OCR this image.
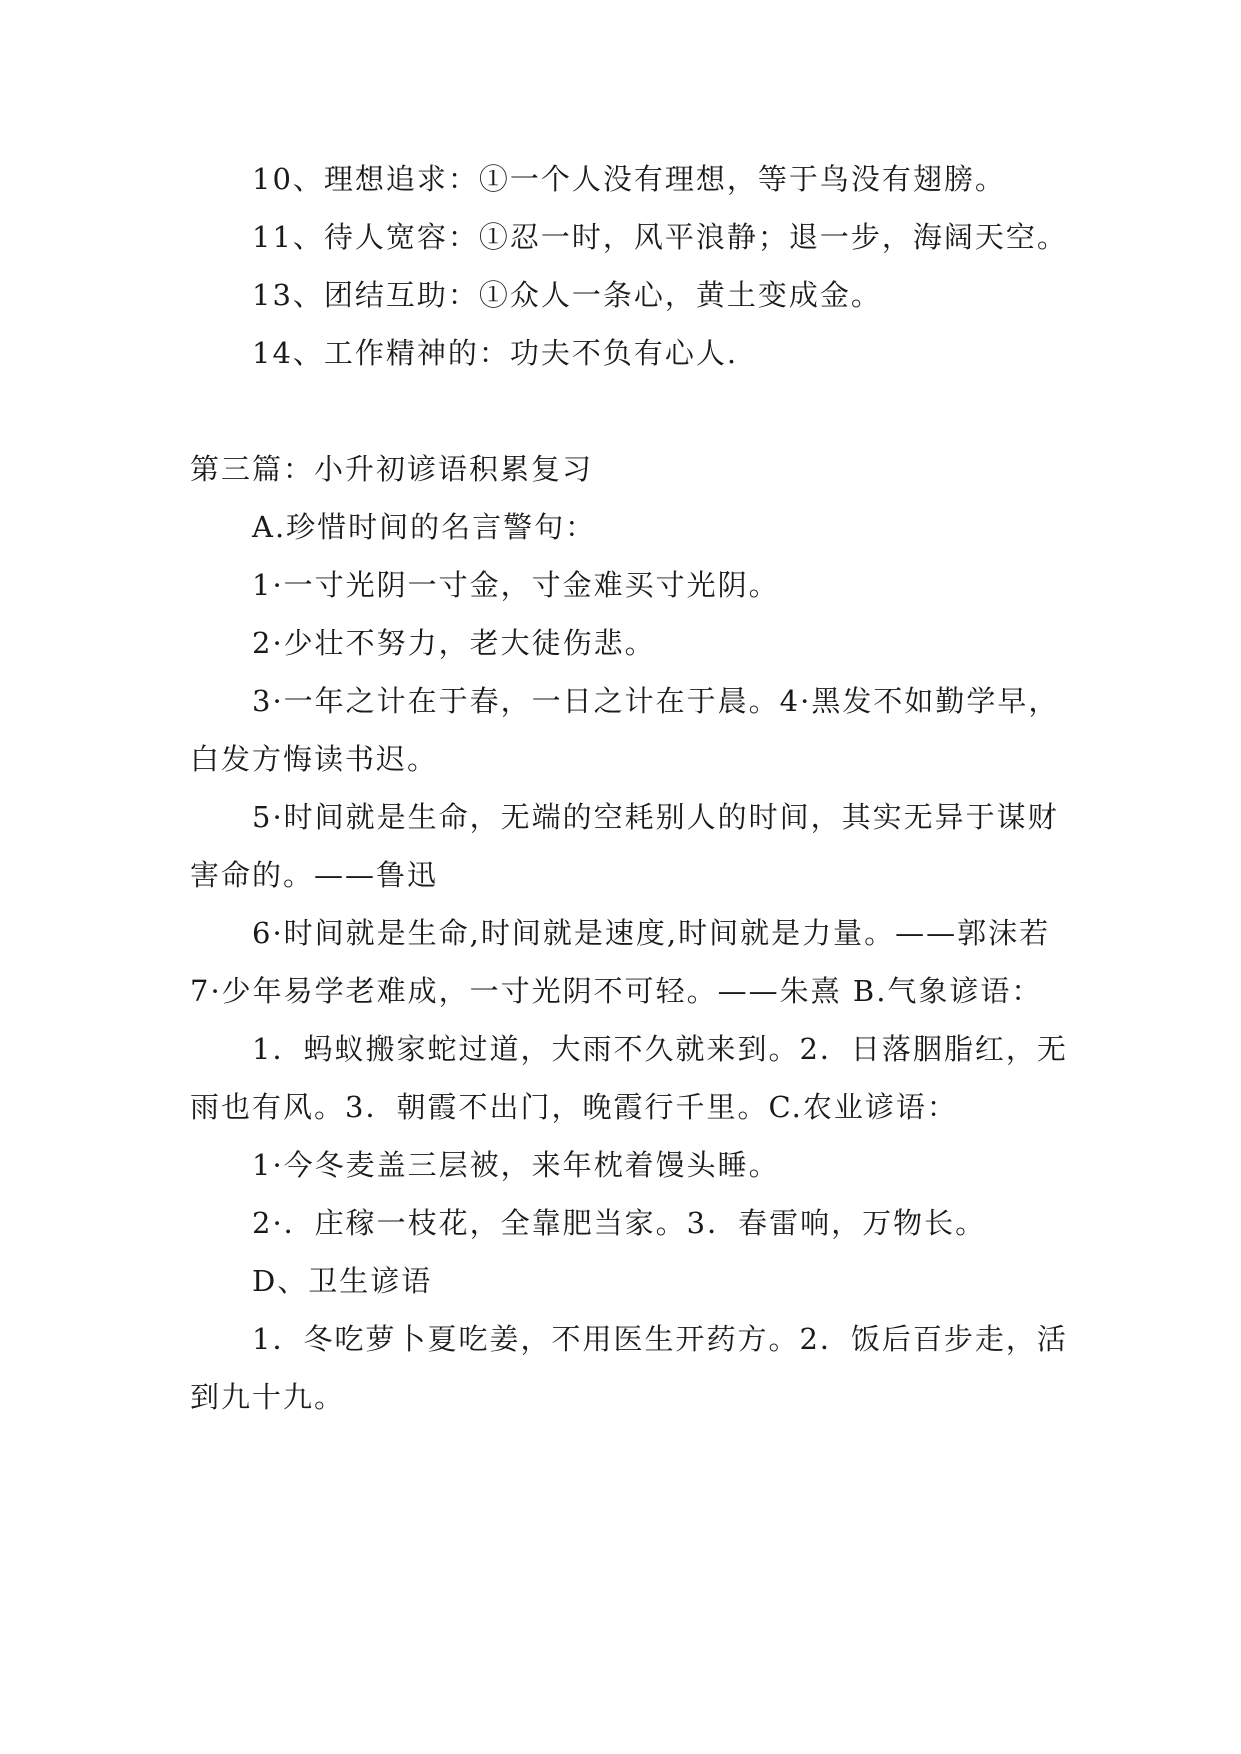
10、理想追求：①一个人没有理想，等于鸟没有翅膀。

11、待人宽容：①忍一时，风平浪静；退一步，海阔天空。

13、团结互助：①众人一条心，黄土变成金。

14、工作精神的：功夫不负有心人.

第三篇：小升初谚语积累复习

A.珍惜时间的名言警句：

1·一寸光阴一寸金，寸金难买寸光阴。

2·少壮不努力，老大徒伤悲。

3·一年之计在于春，一日之计在于晨。4·黑发不如勤学早，白发方悔读书迟。

5·时间就是生命，无端的空耗别人的时间，其实无异于谋财害命的。——鲁迅

6·时间就是生命,时间就是速度,时间就是力量。——郭沫若 7·少年易学老难成，一寸光阴不可轻。——朱熹 B.气象谚语：

1．蚂蚁搬家蛇过道，大雨不久就来到。2．日落胭脂红，无雨也有风。3．朝霞不出门，晚霞行千里。C.农业谚语：

1·今冬麦盖三层被，来年枕着馒头睡。

2·．庄稼一枝花，全靠肥当家。3．春雷响，万物长。

D、卫生谚语

1．冬吃萝卜夏吃姜，不用医生开药方。2．饭后百步走，活到九十九。
